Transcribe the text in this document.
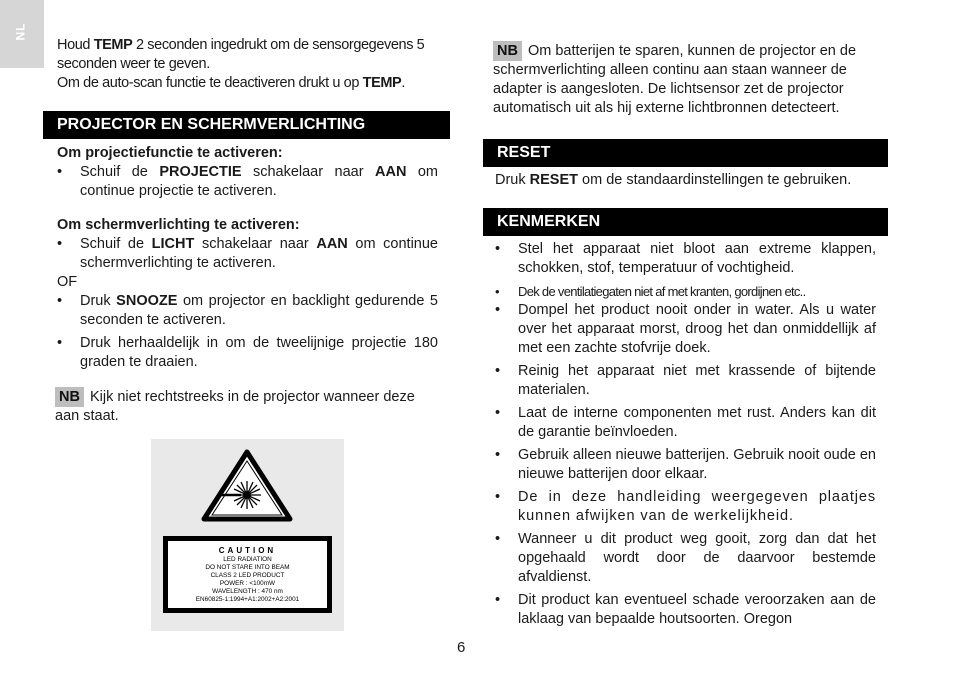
NL

Houd TEMP 2 seconden ingedrukt om de sensorgegevens 5 seconden weer te geven.

Om de auto-scan functie te deactiveren drukt u op TEMP.

PROJECTOR EN SCHERMVERLICHTING

Om projectiefunctie te activeren:

• Schuif de PROJECTIE schakelaar naar AAN om continue projectie te activeren.

Om schermverlichting te activeren:

• Schuif de LICHT schakelaar naar AAN om continue schermverlichting te activeren.

OF

• Druk SNOOZE om projector en backlight gedurende 5 seconden te activeren.
• Druk herhaaldelijk in om de tweelijnige projectie 180 graden te draaien.
NB Kijk niet rechtstreeks in de projector wanneer deze aan staat.
CAUTION
LED RADIATION
DO NOT STARE INTO BEAM
CLASS 2 LED PRODUCT
POWER : <100mW
WAVELENGTH : 470 nm
EN60825-1:1994+A1:2002+A2:2001
6
NB Om batterijen te sparen, kunnen de projector en de schermverlichting alleen continu aan staan wanneer de adapter is aangesloten. De lichtsensor zet de projector automatisch uit als hij externe lichtbronnen detecteert.
RESET
Druk RESET om de standaardinstellingen te gebruiken.
KENMERKEN
• Stel het apparaat niet bloot aan extreme klappen, schokken, stof, temperatuur of vochtigheid.
• Dek de ventilatiegaten niet af met kranten, gordijnen etc..
• Dompel het product nooit onder in water. Als u water over het apparaat morst, droog het dan onmiddellijk af met een zachte stofvrije doek.
• Reinig het apparaat niet met krassende of bijtende materialen.
• Laat de interne componenten met rust. Anders kan dit de garantie beïnvloeden.
• Gebruik alleen nieuwe batterijen. Gebruik nooit oude en nieuwe batterijen door elkaar.
• De in deze handleiding weergegeven plaatjes kunnen afwijken van de werkelijkheid.
• Wanneer u dit product weg gooit, zorg dan dat het opgehaald wordt door de daarvoor bestemde afvaldienst.
• Dit product kan eventueel schade veroorzaken aan de laklaag van bepaalde houtsoorten. Oregon
